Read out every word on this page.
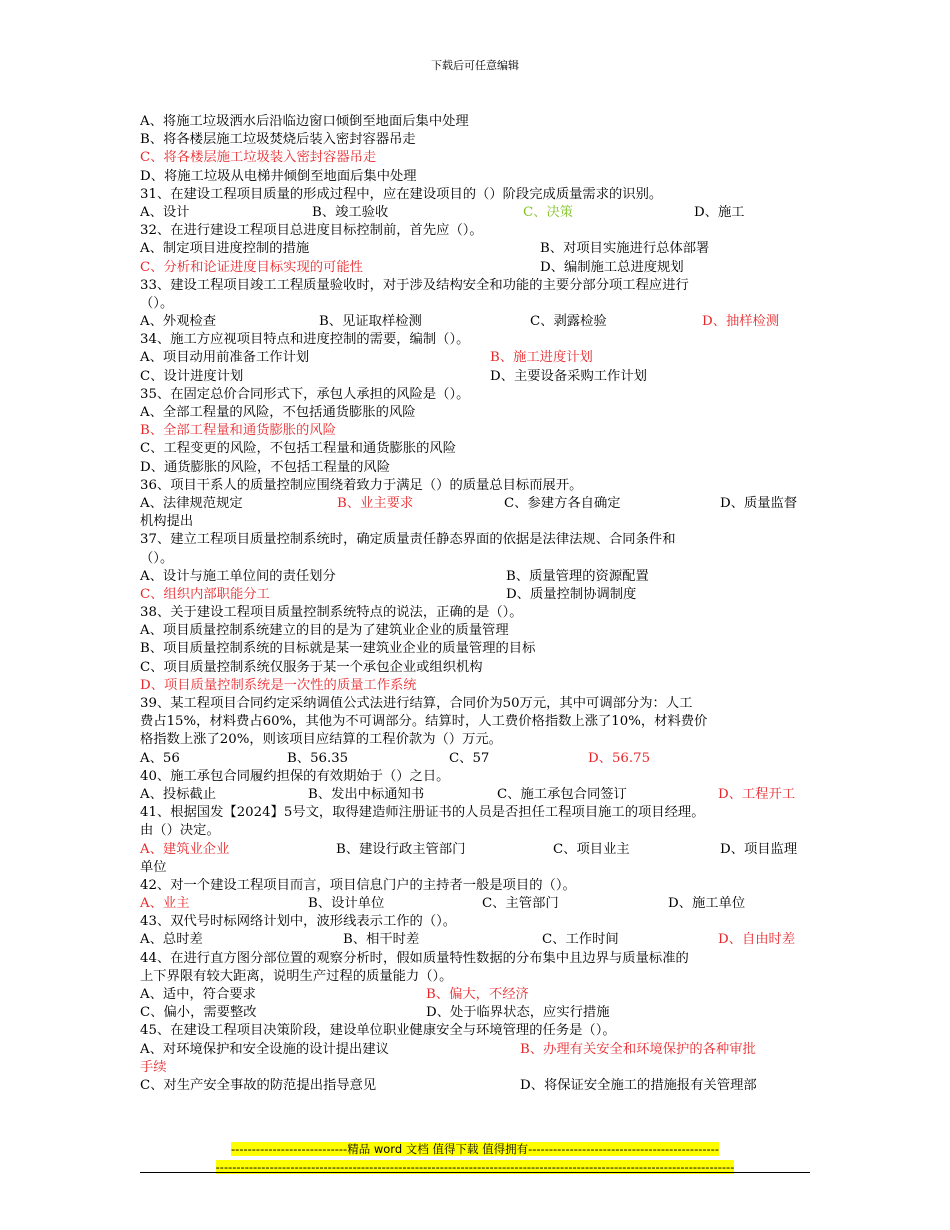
下载后可任意编辑
A、将施工垃圾洒水后沿临边窗口倾倒至地面后集中处理
B、将各楼层施工垃圾焚烧后装入密封容器吊走
C、将各楼层施工垃圾装入密封容器吊走
D、将施工垃圾从电梯井倾倒至地面后集中处理
31、在建设工程项目质量的形成过程中，应在建设项目的（）阶段完成质量需求的识别。
A、设计	B、竣工验收	C、决策	D、施工
32、在进行建设工程项目总进度目标控制前，首先应（）。
A、制定项目进度控制的措施	B、对项目实施进行总体部署
C、分析和论证进度目标实现的可能性	D、编制施工总进度规划
33、建设工程项目竣工工程质量验收时，对于涉及结构安全和功能的主要分部分项工程应进行
（）。
A、外观检查	B、见证取样检测	C、剥露检验	D、抽样检测
34、施工方应视项目特点和进度控制的需要，编制（）。
A、项目动用前准备工作计划	B、施工进度计划
C、设计进度计划	D、主要设备采购工作计划
35、在固定总价合同形式下，承包人承担的风险是（）。
A、全部工程量的风险，不包括通货膨胀的风险
B、全部工程量和通货膨胀的风险
C、工程变更的风险，不包括工程量和通货膨胀的风险
D、通货膨胀的风险，不包括工程量的风险
36、项目干系人的质量控制应围绕着致力于满足（）的质量总目标而展开。
A、法律规范规定	B、业主要求	C、参建方各自确定	D、质量监督
机构提出
37、建立工程项目质量控制系统时，确定质量责任静态界面的依据是法律法规、合同条件和
（）。
A、设计与施工单位间的责任划分	B、质量管理的资源配置
C、组织内部职能分工	D、质量控制协调制度
38、关于建设工程项目质量控制系统特点的说法，正确的是（）。
A、项目质量控制系统建立的目的是为了建筑业企业的质量管理
B、项目质量控制系统的目标就是某一建筑业企业的质量管理的目标
C、项目质量控制系统仅服务于某一个承包企业或组织机构
D、项目质量控制系统是一次性的质量工作系统
39、某工程项目合同约定采纳调值公式法进行结算，合同价为50万元，其中可调部分为：人工
费占15%，材料费占60%，其他为不可调部分。结算时，人工费价格指数上涨了10%，材料费价
格指数上涨了20%，则该项目应结算的工程价款为（）万元。
A、56	B、56.35	C、57	D、56.75
40、施工承包合同履约担保的有效期始于（）之日。
A、投标截止	B、发出中标通知书	C、施工承包合同签订	D、工程开工
41、根据国发【2024】5号文，取得建造师注册证书的人员是否担任工程项目施工的项目经理。
由（）决定。
A、建筑业企业	B、建设行政主管部门	C、项目业主	D、项目监理
单位
42、对一个建设工程项目而言，项目信息门户的主持者一般是项目的（）。
A、业主	B、设计单位	C、主管部门	D、施工单位
43、双代号时标网络计划中，波形线表示工作的（）。
A、总时差	B、相干时差	C、工作时间	D、自由时差
44、在进行直方图分部位置的观察分析时，假如质量特性数据的分布集中且边界与质量标准的
上下界限有较大距离，说明生产过程的质量能力（）。
A、适中，符合要求	B、偏大，不经济
C、偏小，需要整改	D、处于临界状态，应实行措施
45、在建设工程项目决策阶段，建设单位职业健康安全与环境管理的任务是（）。
A、对环境保护和安全设施的设计提出建议	B、办理有关安全和环境保护的各种审批
手续
C、对生产安全事故的防范提出指导意见	D、将保证安全施工的措施报有关管理部
----------------------------精品 word 文档 值得下载 值得拥有----------------------------------------------
-----------------------------------------------------------------------------------------------------------------------------
